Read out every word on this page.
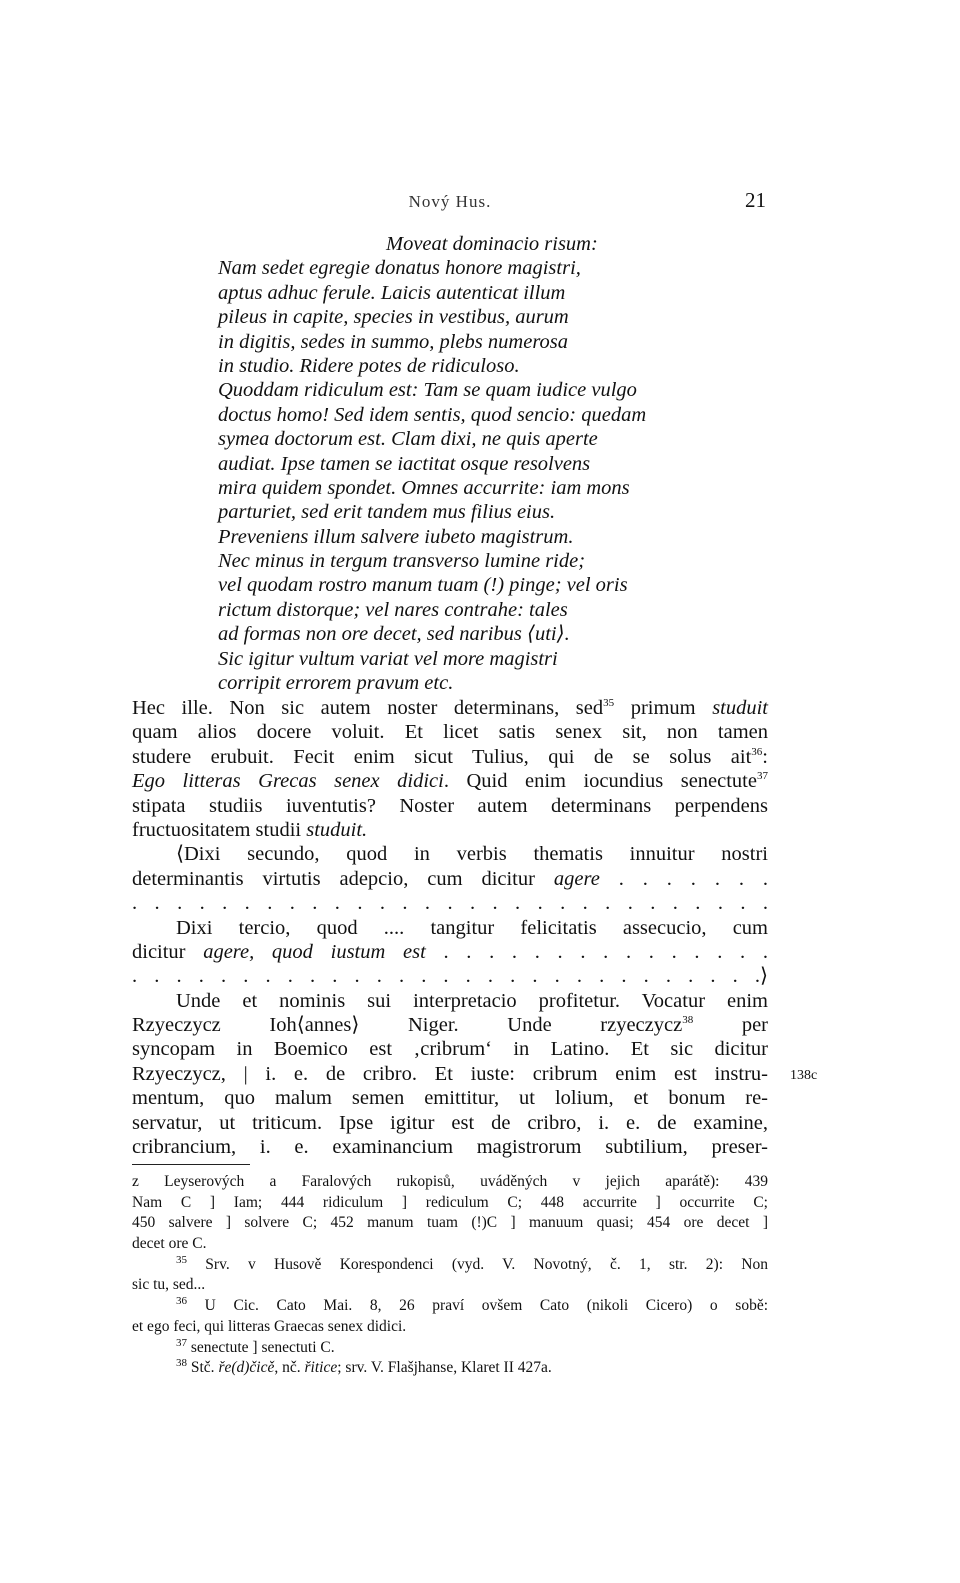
Nový Hus.	21
Moveat dominacio risum:
Nam sedet egregie donatus honore magistri,
aptus adhuc ferule. Laicis autenticat illum
pileus in capite, species in vestibus, aurum
in digitis, sedes in summo, plebs numerosa
in studio. Ridere potes de ridiculoso.
Quoddam ridiculum est: Tam se quam iudice vulgo
doctus homo! Sed idem sentis, quod sencio: quedam
symea doctorum est. Clam dixi, ne quis aperte
audiat. Ipse tamen se iactitat osque resolvens
mira quidem spondet. Omnes accurrite: iam mons
parturiet, sed erit tandem mus filius eius.
Preveniens illum salvere iubeto magistrum.
Nec minus in tergum transverso lumine ride;
vel quodam rostro manum tuam (!) pinge; vel oris
rictum distorque; vel nares contrahe: tales
ad formas non ore decet, sed naribus ⟨uti⟩.
Sic igitur vultum variat vel more magistri
corripit errorem pravum etc.
Hec ille. Non sic autem noster determinans, sed$^{35}$ primum studuit
quam alios docere voluit. Et licet satis senex sit, non tamen
studere erubuit. Fecit enim sicut Tulius, qui de se solus ait$^{36}$:
Ego litteras Grecas senex didici. Quid enim iocundius senectute$^{37}$
stipata studiis iuventutis? Noster autem determinans perpendens
fructuositatem studii studuit.
⟨Dixi secundo, quod in verbis thematis innuitur nostri
determinantis virtutis adepcio, cum dicitur agere . . . . . . .
. . . . . . . . . . . . . . . . . . . . . . . . . . . . .
Dixi tercio, quod .... tangitur felicitatis assecucio, cum
dicitur agere, quod iustum est . . . . . . . . . . . . . . .
. . . . . . . . . . . . . . . . . . . . . . . . . . . . .⟩
Unde et nominis sui interpretacio profitetur. Vocatur enim
Rzyeczycz Ioh⟨annes⟩ Niger. Unde rzyeczycz$^{38}$ per
syncopam in Boemico est ‚cribrum‘ in Latino. Et sic dicitur
Rzyeczycz, | i. e. de cribro. Et iuste: cribrum enim est instru-
mentum, quo malum semen emittitur, ut lolium, et bonum re-
servatur, ut triticum. Ipse igitur est de cribro, i. e. de examine,
cribrancium, i. e. examinancium magistrorum subtilium, preser-
138c
z Leyserových a Faralových rukopisů, uváděných v jejich aparátě): 439
Nam C ] Iam; 444 ridiculum ] rediculum C; 448 accurrite ] occurrite C;
450 salvere ] solvere C; 452 manum tuam (!)C ] manuum quasi; 454 ore decet ]
decet ore C.
$^{35}$ Srv. v Husově Korespondenci (vyd. V. Novotný, č. 1, str. 2): Non
sic tu, sed...
$^{36}$ U Cic. Cato Mai. 8, 26 praví ovšem Cato (nikoli Cicero) o sobě:
et ego feci, qui litteras Graecas senex didici.
$^{37}$ senectute ] senectuti C.
$^{38}$ Stč. ře(d)čicě, nč. řitice; srv. V. Flašjhanse, Klaret II 427a.
